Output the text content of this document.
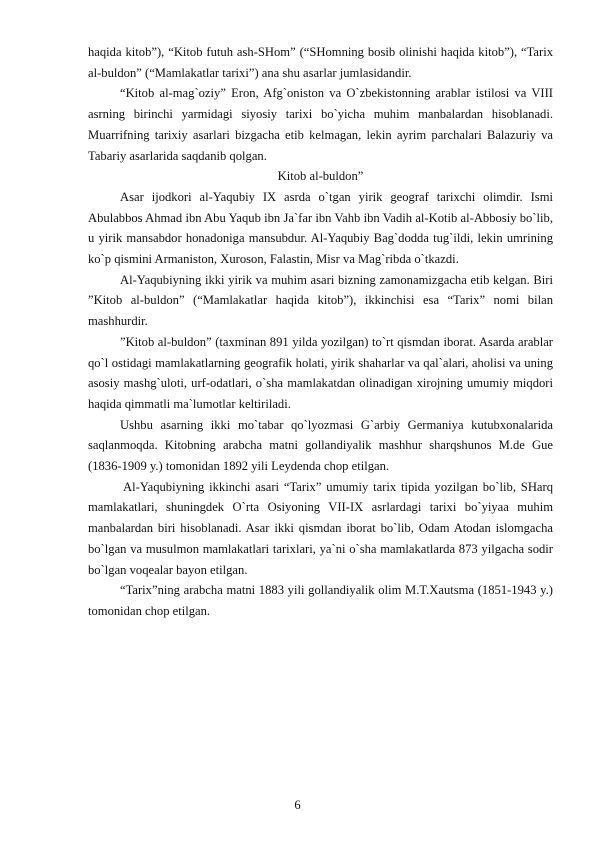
haqida kitob”), “Kitob futuh ash-SHom” (“SHomning bosib olinishi haqida kitob”), “Tarix al-buldon” (“Mamlakatlar tarixi”) ana shu asarlar jumlasidandir.

“Kitob al-mag`oziy” Eron, Afg`oniston va O`zbekistonning arablar istilosi va VIII asrning birinchi yarmidagi siyosiy tarixi bo`yicha muhim manbalardan hisoblanadi. Muarrifning tarixiy asarlari bizgacha etib kelmagan, lekin ayrim parchalari Balazuriy va Tabariy asarlarida saqdanib qolgan.

Kitob al-buldon”

Asar ijodkori al-Yaqubiy IX asrda o`tgan yirik geograf tarixchi olimdir. Ismi Abulabbos Ahmad ibn Abu Yaqub ibn Ja`far ibn Vahb ibn Vadih al-Kotib al-Abbosiy bo`lib, u yirik mansabdor honadoniga mansubdur. Al-Yaqubiy Bag`dodda tug`ildi, lekin umrining ko`p qismini Armaniston, Xuroson, Falastin, Misr va Mag`ribda o`tkazdi.

Al-Yaqubiyning ikki yirik va muhim asari bizning zamonamizgacha etib kelgan. Biri ”Kitob al-buldon” (“Mamlakatlar haqida kitob”), ikkinchisi esa “Tarix” nomi bilan mashhurdir.

”Kitob al-buldon” (taxminan 891 yilda yozilgan) to`rt qismdan iborat. Asarda arablar qo`l ostidagi mamlakatlarning geografik holati, yirik shaharlar va qal`alari, aholisi va uning asosiy mashg`uloti, urf-odatlari, o`sha mamlakatdan olinadigan xirojning umumiy miqdori haqida qimmatli ma`lumotlar keltiriladi.

Ushbu asarning ikki mo`tabar qo`lyozmasi G`arbiy Germaniya kutubxonalarida saqlanmoqda. Kitobning arabcha matni gollandiyalik mashhur sharqshunos M.de Gue (1836-1909 y.) tomonidan 1892 yili Leydenda chop etilgan.

Al-Yaqubiyning ikkinchi asari “Tarix” umumiy tarix tipida yozilgan bo`lib, SHarq mamlakatlari, shuningdek O`rta Osiyoning VII-IX asrlardagi tarixi bo`yiyaa muhim manbalardan biri hisoblanadi. Asar ikki qismdan iborat bo`lib, Odam Atodan islomgacha bo`lgan va musulmon mamlakatlari tarixlari, ya`ni o`sha mamlakatlarda 873 yilgacha sodir bo`lgan voqealar bayon etilgan.

“Tarix”ning arabcha matni 1883 yili gollandiyalik olim M.T.Xautsma (1851-1943 y.) tomonidan chop etilgan.

6
